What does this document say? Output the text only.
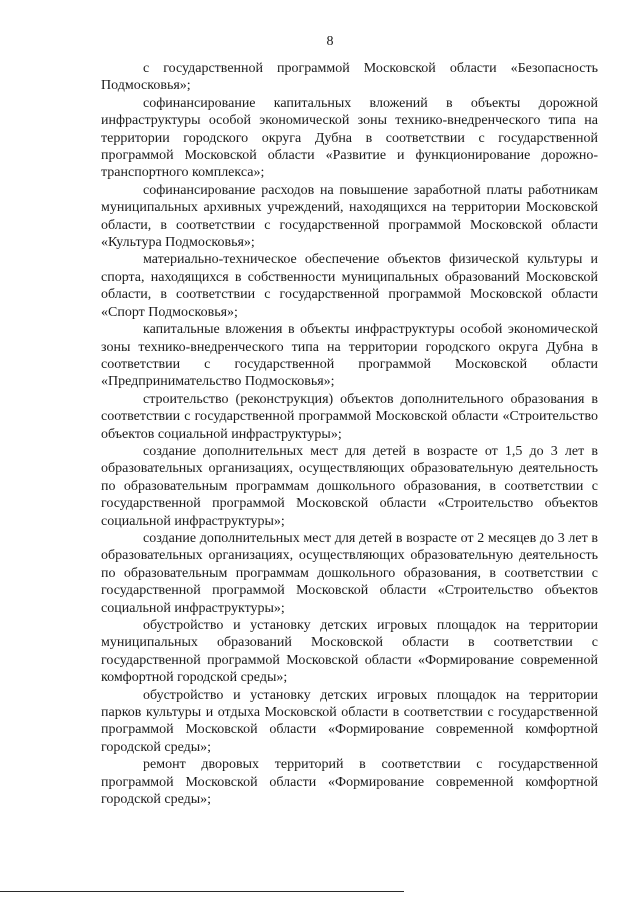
8

с государственной программой Московской области «Безопасность Подмосковья»;

софинансирование капитальных вложений в объекты дорожной инфраструктуры особой экономической зоны технико-внедренческого типа на территории городского округа Дубна в соответствии с государственной программой Московской области «Развитие и функционирование дорожно-транспортного комплекса»;

софинансирование расходов на повышение заработной платы работникам муниципальных архивных учреждений, находящихся на территории Московской области, в соответствии с государственной программой Московской области «Культура Подмосковья»;

материально-техническое обеспечение объектов физической культуры и спорта, находящихся в собственности муниципальных образований Московской области, в соответствии с государственной программой Московской области «Спорт Подмосковья»;

капитальные вложения в объекты инфраструктуры особой экономической зоны технико-внедренческого типа на территории городского округа Дубна в соответствии с государственной программой Московской области «Предпринимательство Подмосковья»;

строительство (реконструкция) объектов дополнительного образования в соответствии с государственной программой Московской области «Строительство объектов социальной инфраструктуры»;

создание дополнительных мест для детей в возрасте от 1,5 до 3 лет в образовательных организациях, осуществляющих образовательную деятельность по образовательным программам дошкольного образования, в соответствии с государственной программой Московской области «Строительство объектов социальной инфраструктуры»;

создание дополнительных мест для детей в возрасте от 2 месяцев до 3 лет в образовательных организациях, осуществляющих образовательную деятельность по образовательным программам дошкольного образования, в соответствии с государственной программой Московской области «Строительство объектов социальной инфраструктуры»;

обустройство и установку детских игровых площадок на территории муниципальных образований Московской области в соответствии с государственной программой Московской области «Формирование современной комфортной городской среды»;

обустройство и установку детских игровых площадок на территории парков культуры и отдыха Московской области в соответствии с государственной программой Московской области «Формирование современной комфортной городской среды»;

ремонт дворовых территорий в соответствии с государственной программой Московской области «Формирование современной комфортной городской среды»;
